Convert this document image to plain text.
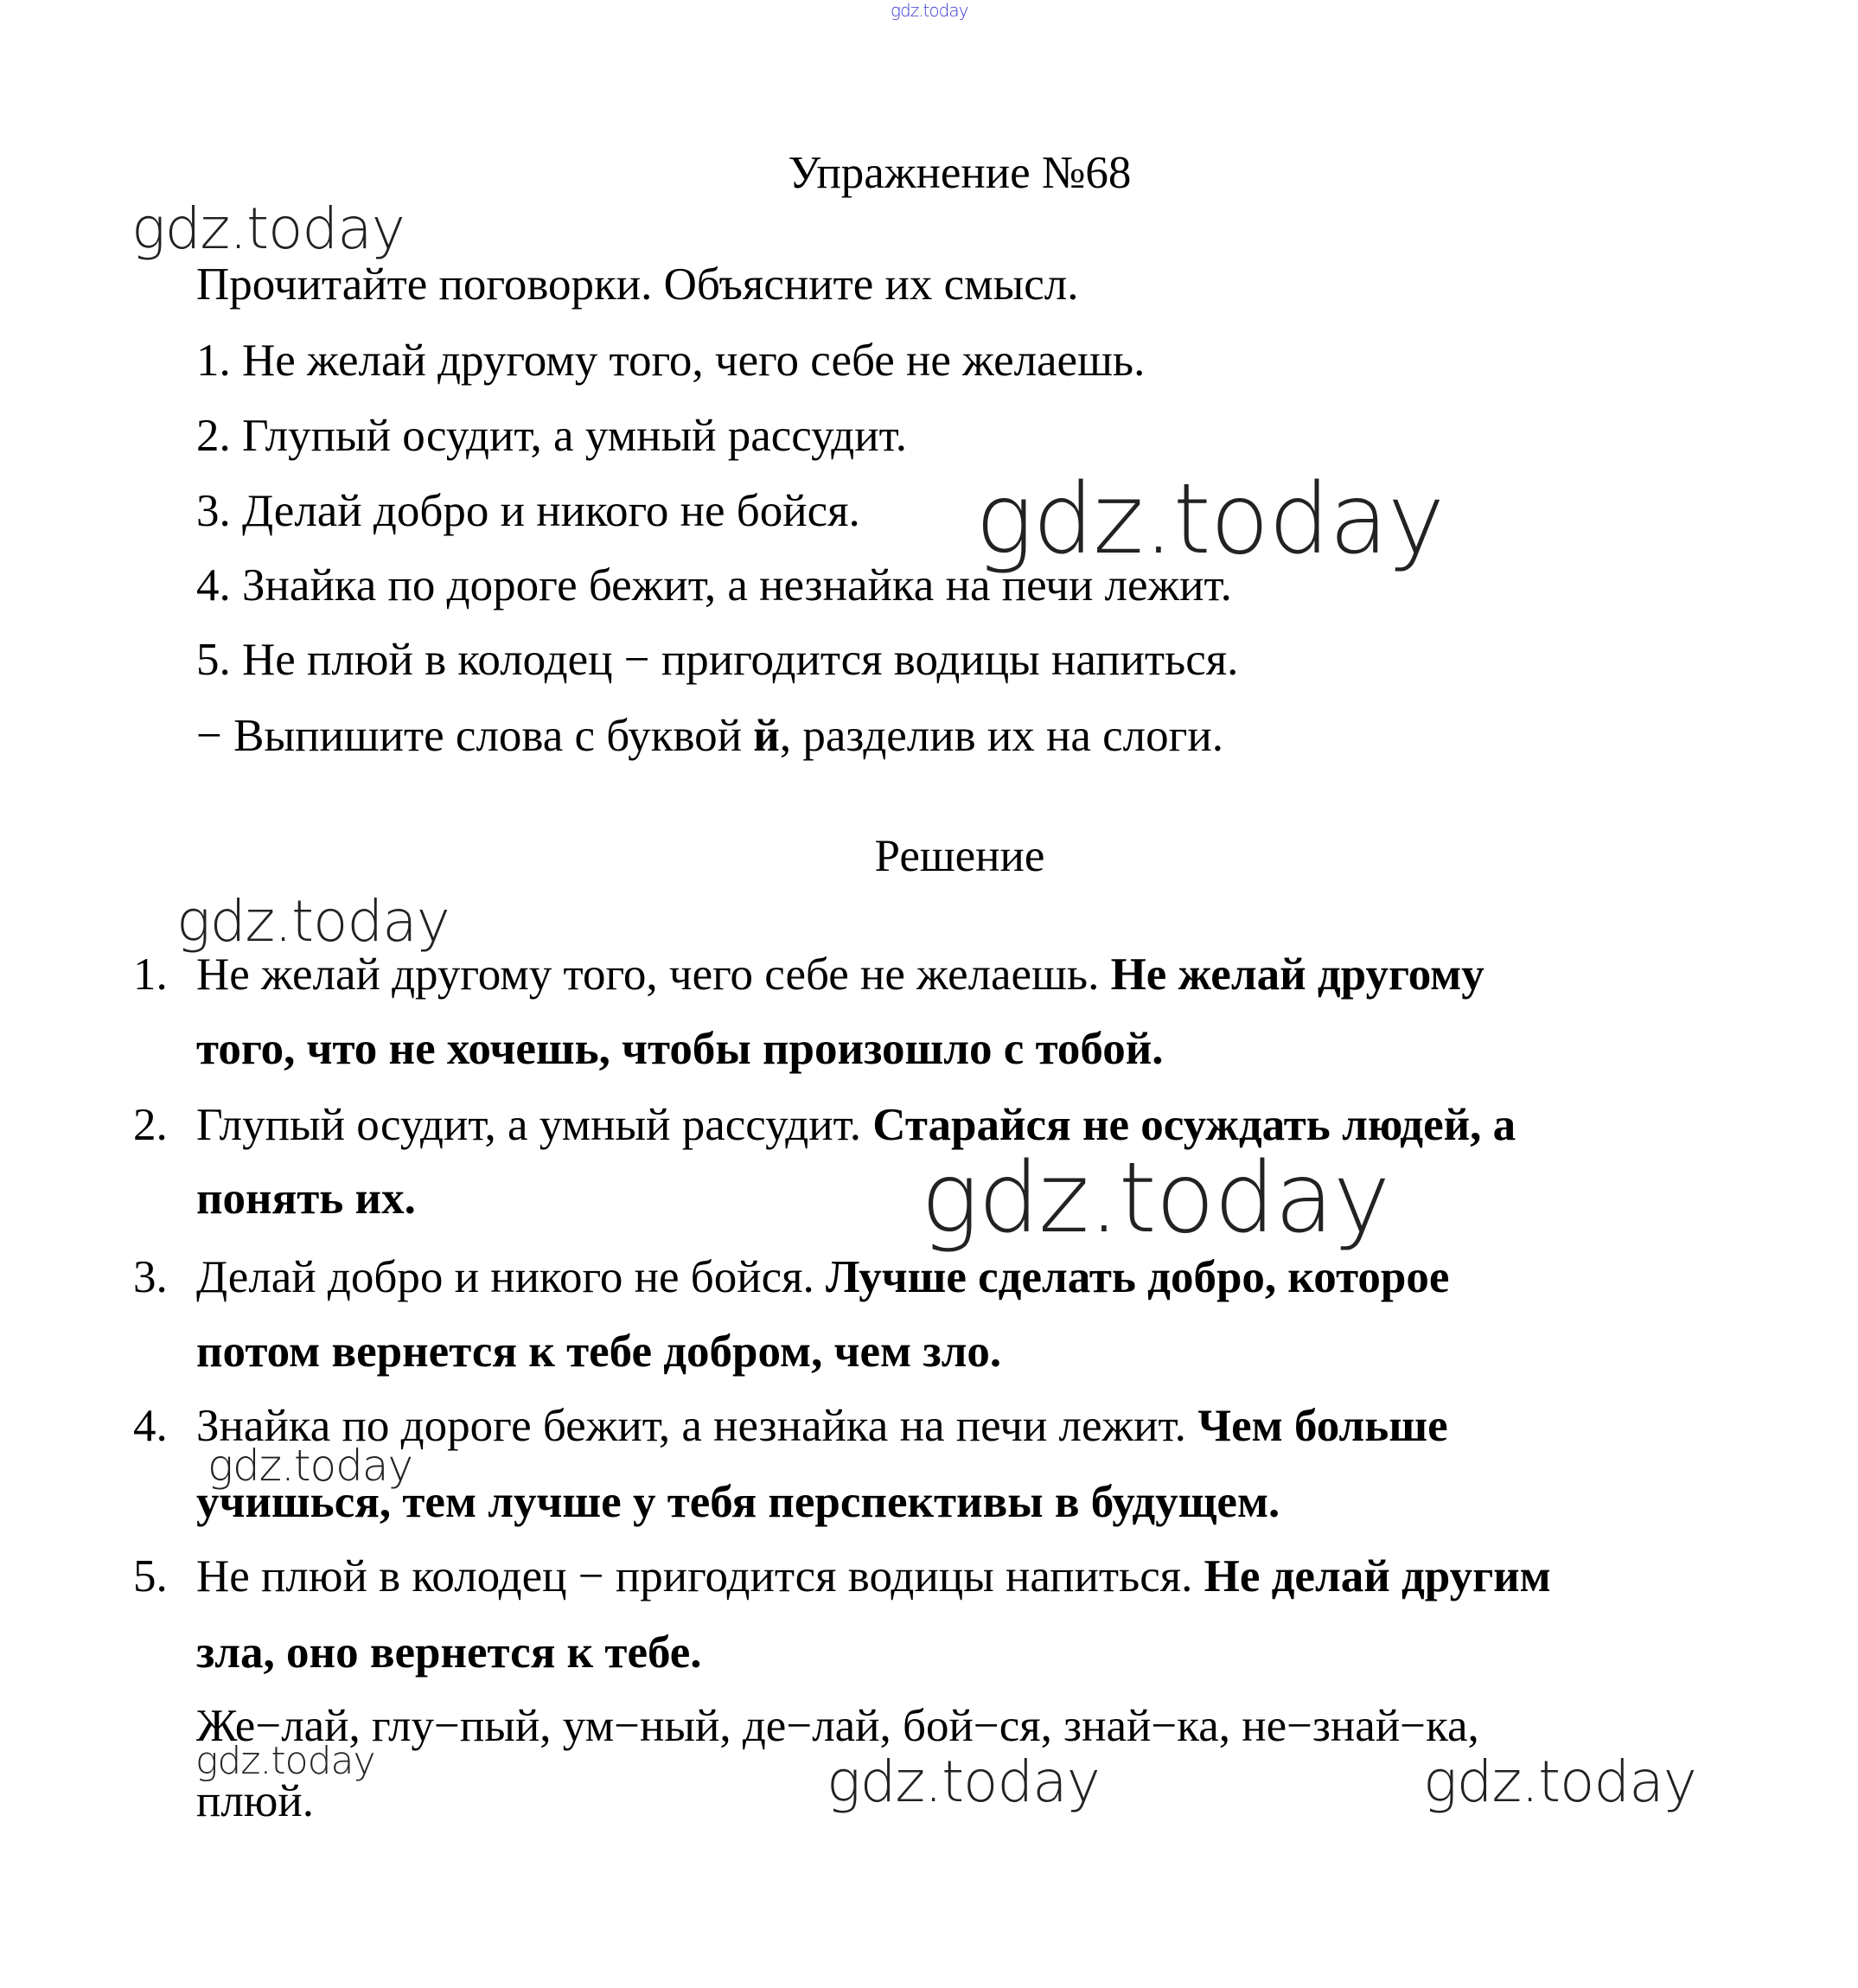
gdz.today
Упражнение №68
gdz.today
Прочитайте поговорки. Объясните их смысл.
1. Не желай другому того, чего себе не желаешь.
2. Глупый осудит, а умный рассудит.
3. Делай добро и никого не бойся.
4. Знайка по дороге бежит, а незнайка на печи лежит.
5. Не плюй в колодец − пригодится водицы напиться.
− Выпишите слова с буквой й, разделив их на слоги.
gdz.today
Решение
gdz.today
1. Не желай другому того, чего себе не желаешь. Не желай другому
того, что не хочешь, чтобы произошло с тобой.
2. Глупый осудит, а умный рассудит. Старайся не осуждать людей, а
понять их.	gdz.today
3. Делай добро и никого не бойся. Лучше сделать добро, которое
потом вернется к тебе добром, чем зло.
4. Знайка по дороге бежит, а незнайка на печи лежит. Чем больше
учишься, тем лучше у тебя перспективы в будущем.
gdz.today
5. Не плюй в колодец − пригодится водицы напиться. Не делай другим
зла, оно вернется к тебе.
Же−лай, глу−пый, ум−ный, де−лай, бой−ся, знай−ка, не−знай−ка,
gdz.today
плюй.	gdz.today	gdz.today
